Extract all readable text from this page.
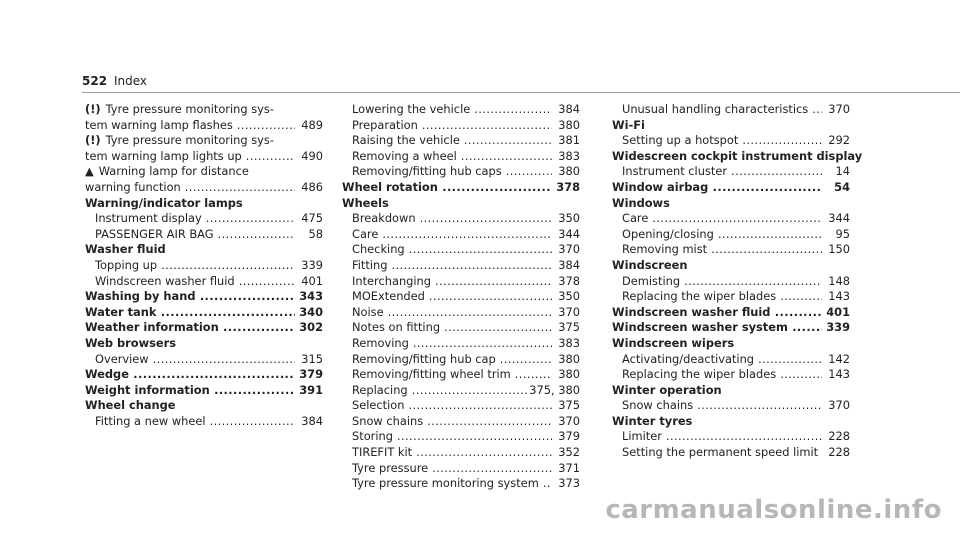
522 Index
(!) Tyre pressure monitoring sys-
tem warning lamp flashes .....	489
(!) Tyre pressure monitoring sys-
tem warning lamp lights up .....	490
▲ Warning lamp for distance
warning function .....	486
Warning/indicator lamps
Instrument display .....	475
PASSENGER AIR BAG .....	58
Washer fluid
Topping up .....	339
Windscreen washer fluid .....	401
Washing by hand .....	343
Water tank .....	340
Weather information .....	302
Web browsers
Overview .....	315
Wedge .....	379
Weight information .....	391
Wheel change
Fitting a new wheel .....	384
Lowering the vehicle .....	384
Preparation .....	380
Raising the vehicle .....	381
Removing a wheel .....	383
Removing/fitting hub caps .....	380
Wheel rotation .....	378
Wheels
Breakdown .....	350
Care .....	344
Checking .....	370
Fitting .....	384
Interchanging .....	378
MOExtended .....	350
Noise .....	370
Notes on fitting .....	375
Removing .....	383
Removing/fitting hub cap .....	380
Removing/fitting wheel trim .....	380
Replacing .....	375, 380
Selection .....	375
Snow chains .....	370
Storing .....	379
TIREFIT kit .....	352
Tyre pressure .....	371
Tyre pressure monitoring system .....	373
Unusual handling characteristics .....	370
Wi-Fi
Setting up a hotspot .....	292
Widescreen cockpit instrument display
Instrument cluster .....	14
Window airbag .....	54
Windows
Care .....	344
Opening/closing .....	95
Removing mist .....	150
Windscreen
Demisting .....	148
Replacing the wiper blades .....	143
Windscreen washer fluid .....	401
Windscreen washer system .....	339
Windscreen wipers
Activating/deactivating .....	142
Replacing the wiper blades .....	143
Winter operation
Snow chains .....	370
Winter tyres
Limiter .....	228
Setting the permanent speed limit ..... 228
carmanualsonline.info
